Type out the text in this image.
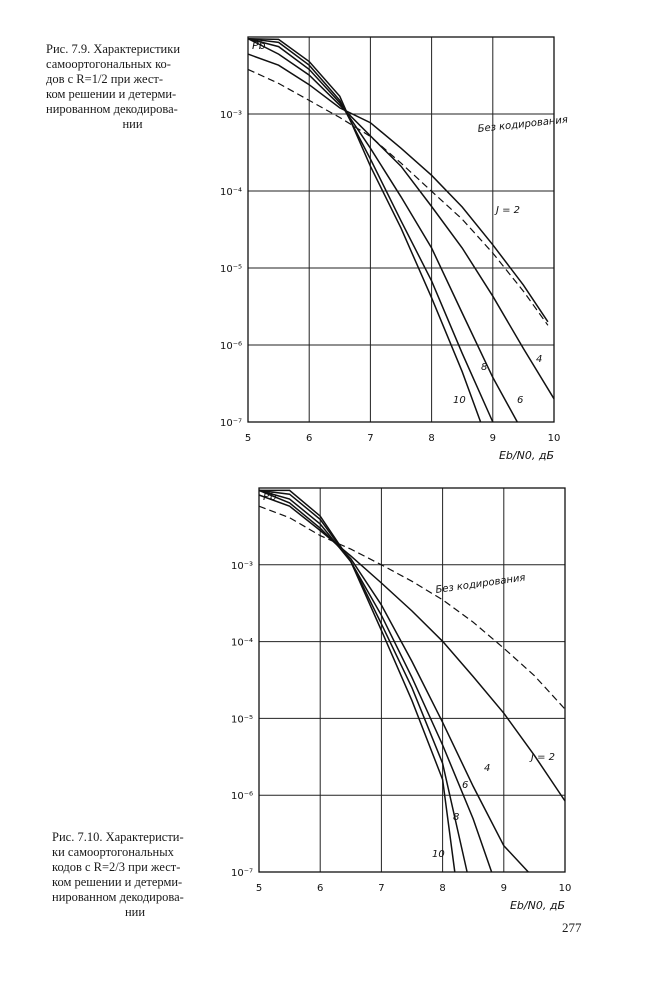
Рис. 7.9. Характеристики
самоортогональных ко-
дов с R=1/2 при жест-
ком решении и детерми-
нированном декодирова-
нии
Рис. 7.10. Характеристи-
ки самоортогональных
кодов с R=2/3 при жест-
ком решении и детерми-
нированном декодирова-
нии
5	6	7	8	9	10
10⁻³
10⁻⁴
10⁻⁵
10⁻⁶
10⁻⁷
Pb
Eb/N0, дБ
Без кодирования
J = 2
4
6
8
10
5	6	7	8	9	10
10⁻³
10⁻⁴
10⁻⁵
10⁻⁶
10⁻⁷
Pb
Eb/N0, дБ
Без кодирования
J = 2
4
6
8
10
277
